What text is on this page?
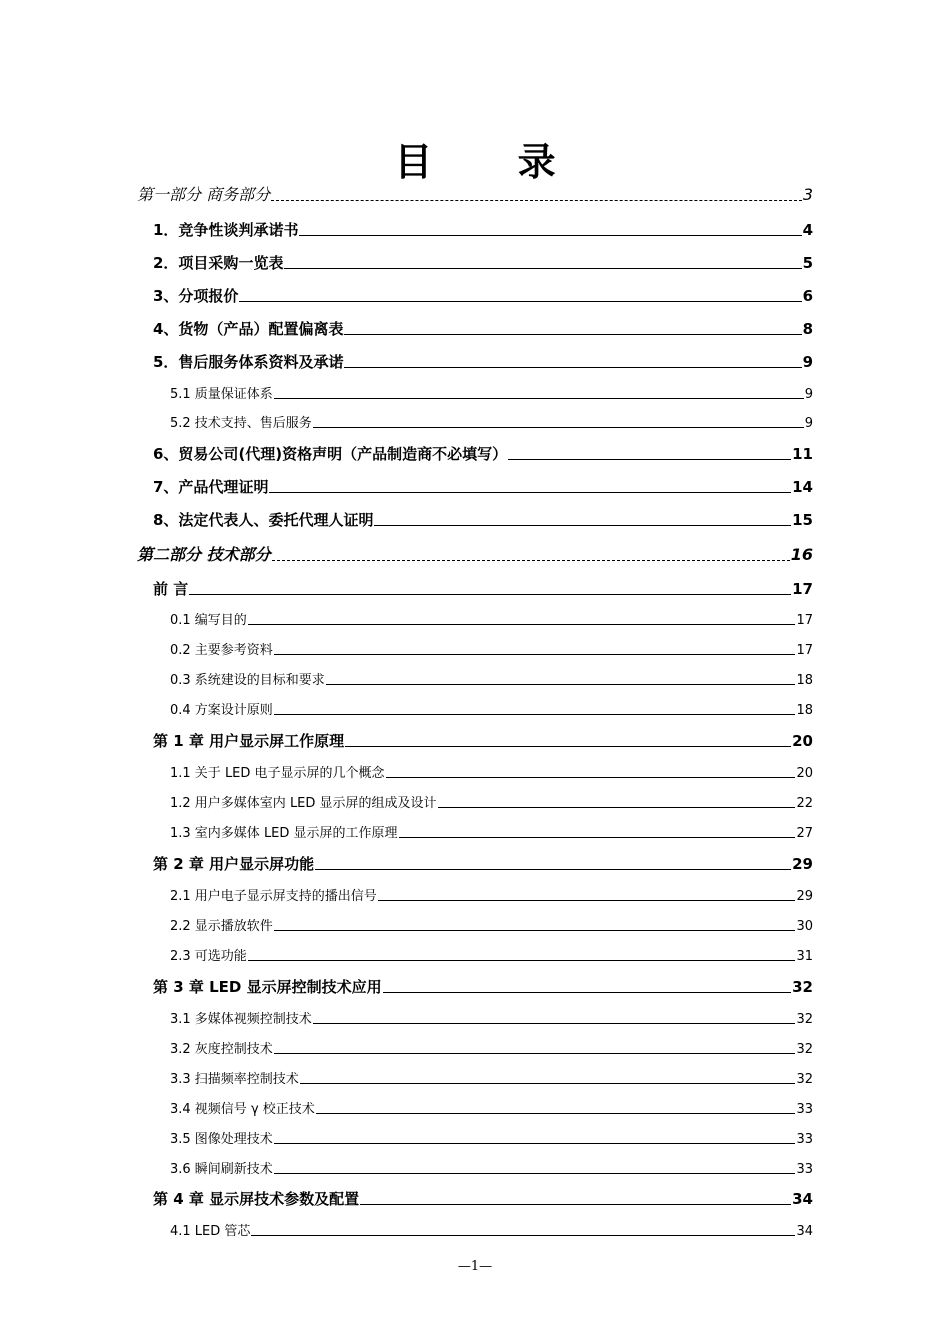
目 录
第一部分 商务部分	3
1．竞争性谈判承诺书	4
2．项目采购一览表	5
3、分项报价	6
4、货物（产品）配置偏离表	8
5．售后服务体系资料及承诺	9
5.1 质量保证体系	9
5.2 技术支持、售后服务	9
6、贸易公司(代理)资格声明（产品制造商不必填写）	11
7、产品代理证明	14
8、法定代表人、委托代理人证明	15
第二部分 技术部分	16
前 言	17
0.1 编写目的	17
0.2 主要参考资料	17
0.3 系统建设的目标和要求	18
0.4 方案设计原则	18
第 1 章 用户显示屏工作原理	20
1.1 关于 LED 电子显示屏的几个概念	20
1.2 用户多媒体室内 LED 显示屏的组成及设计	22
1.3 室内多媒体 LED 显示屏的工作原理	27
第 2 章 用户显示屏功能	29
2.1 用户电子显示屏支持的播出信号	29
2.2 显示播放软件	30
2.3 可选功能	31
第 3 章 LED 显示屏控制技术应用	32
3.1 多媒体视频控制技术	32
3.2 灰度控制技术	32
3.3 扫描频率控制技术	32
3.4 视频信号 γ 校正技术	33
3.5 图像处理技术	33
3.6 瞬间刷新技术	33
第 4 章 显示屏技术参数及配置	34
4.1 LED 管芯	34
—1—
